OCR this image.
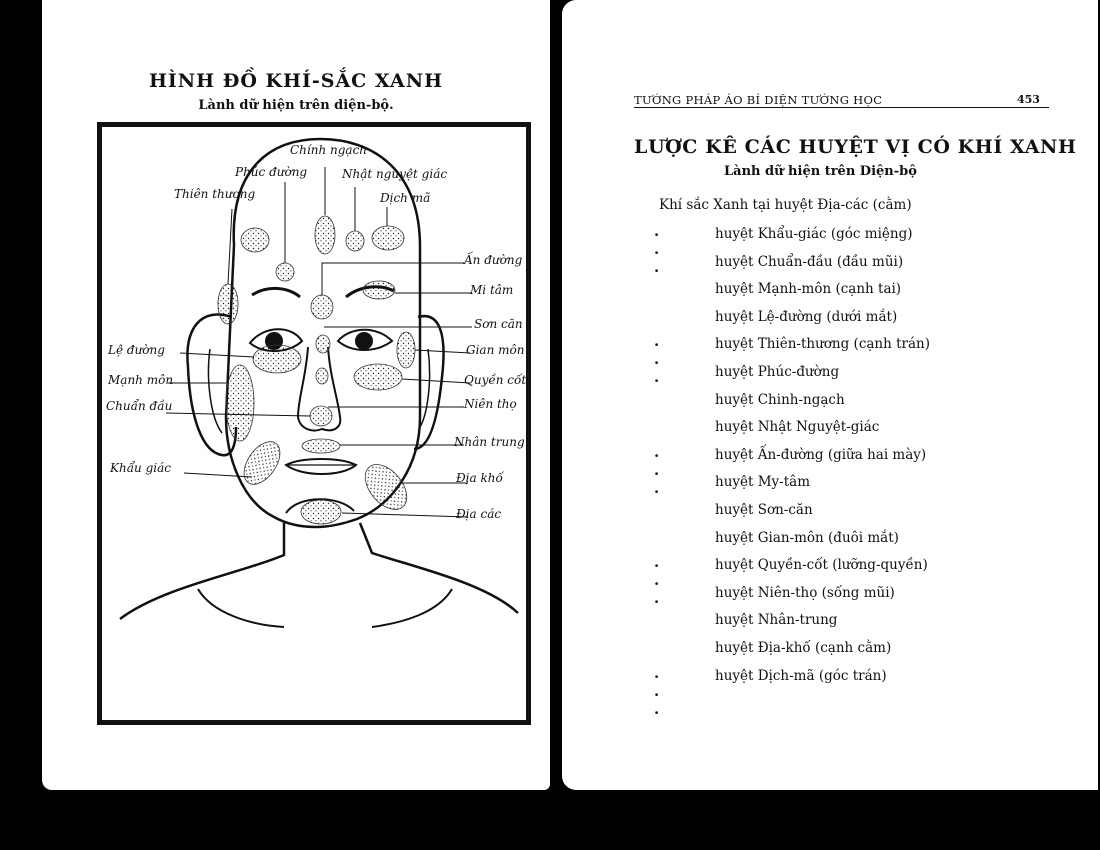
HÌNH ĐỒ KHÍ-SẮC XANH
Lành dữ hiện trên diện-bộ.
Chính ngạch
Phúc đường	Nhật nguyệt giác
Thiên thương	Dịch mã
Ấn đường
Mi tâm
Sơn căn
Lệ đường	Gian môn
Mạnh môn	Quyền cốt
Chuẩn đầu	Niên thọ
Nhân trung
Khẩu giác
Địa khố
Địa các
TƯỚNG PHÁP ÁO BÍ DIỆN TƯỚNG HỌC	453
LƯỢC KÊ CÁC HUYỆT VỊ CÓ KHÍ XANH
Lành dữ hiện trên Diện-bộ
Khí sắc Xanh tại huyệt Địa-các (cằm)
huyệt Khẩu-giác (góc miệng)
. . .	huyệt Chuẩn-đầu (đầu mũi)
huyệt Mạnh-môn (cạnh tai)
huyệt Lệ-đường (dưới mắt)
huyệt Thiên-thương (cạnh trán)
. . .	huyệt Phúc-đường
huyệt Chinh-ngạch
huyệt Nhật Nguyệt-giác
huyệt Ấn-đường (giữa hai mày)
. . .	huyệt My-tâm
huyệt Sơn-căn
huyệt Gian-môn (đuôi mắt)
huyệt Quyền-cốt (lưỡng-quyền)
. . .	huyệt Niên-thọ (sống mũi)
huyệt Nhân-trung
huyệt Địa-khố (cạnh cằm)
huyệt Dịch-mã (góc trán)
. . .
